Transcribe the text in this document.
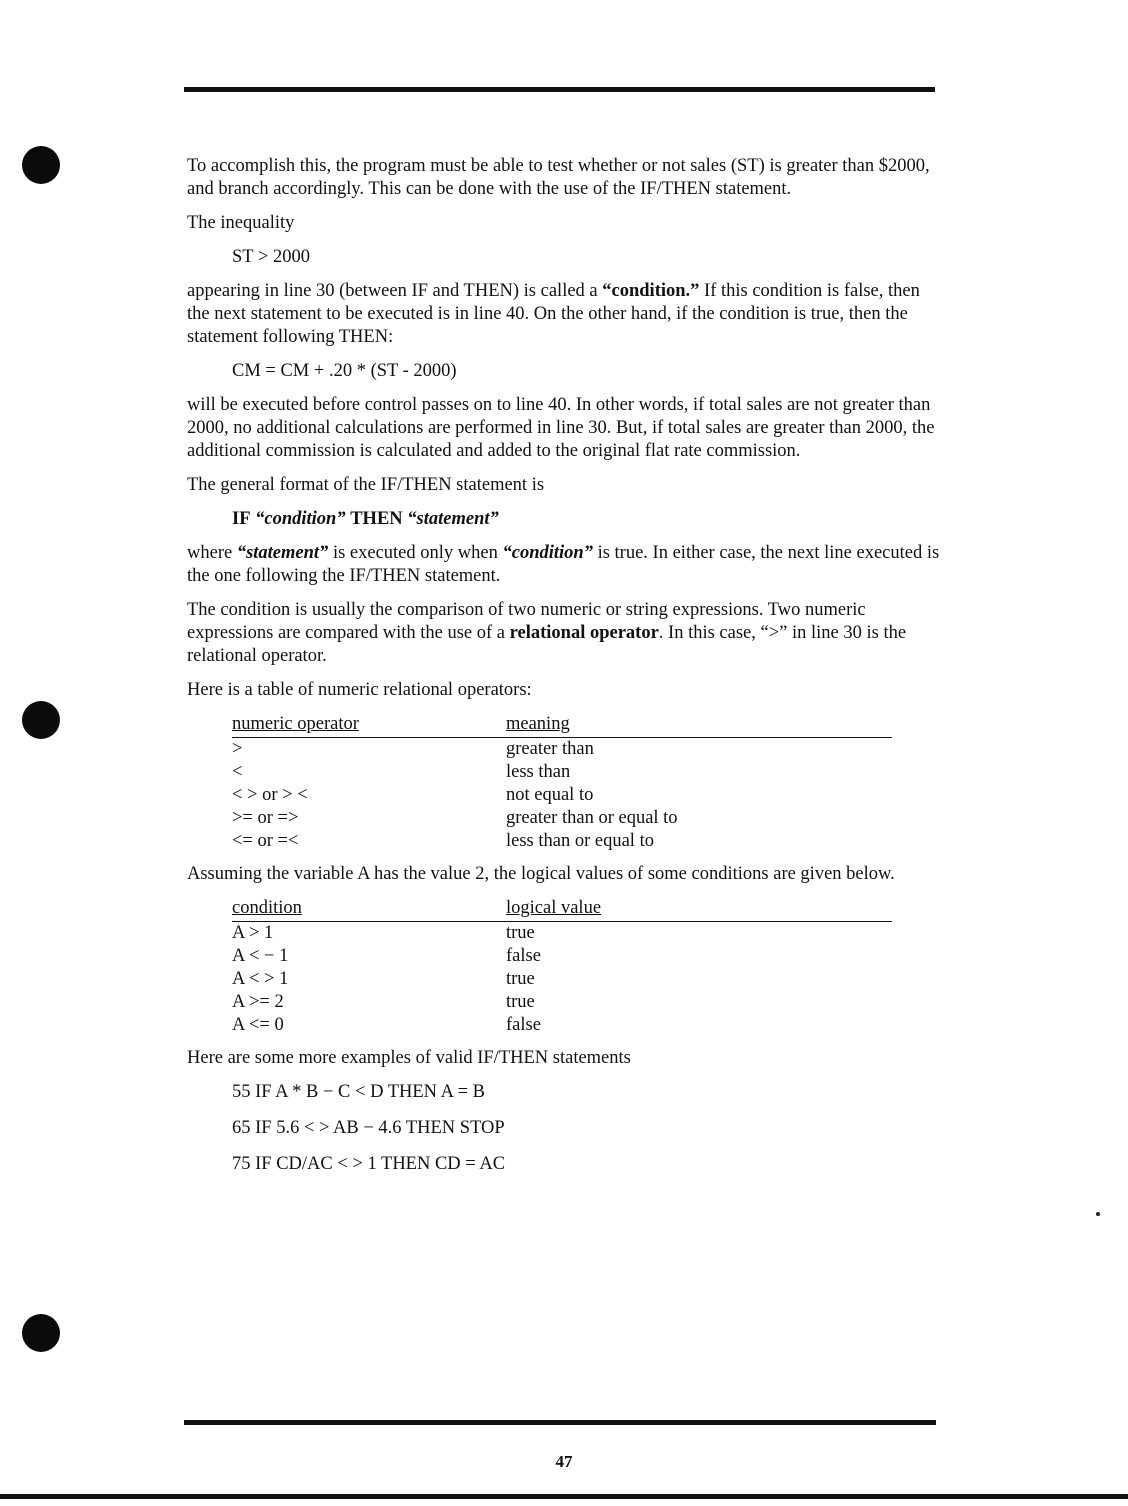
To accomplish this, the program must be able to test whether or not sales (ST) is greater than $2000, and branch accordingly. This can be done with the use of the IF/THEN statement.

The inequality

ST > 2000

appearing in line 30 (between IF and THEN) is called a “condition.” If this condition is false, then the next statement to be executed is in line 40. On the other hand, if the condition is true, then the statement following THEN:

CM = CM + .20 * (ST - 2000)

will be executed before control passes on to line 40. In other words, if total sales are not greater than 2000, no additional calculations are performed in line 30. But, if total sales are greater than 2000, the additional commission is calculated and added to the original flat rate commission.

The general format of the IF/THEN statement is

IF “condition” THEN “statement”

where “statement” is executed only when “condition” is true. In either case, the next line executed is the one following the IF/THEN statement.

The condition is usually the comparison of two numeric or string expressions. Two numeric expressions are compared with the use of a relational operator. In this case, “>” in line 30 is the relational operator.

Here is a table of numeric relational operators:

numeric operator	meaning
>	greater than
<	less than
< > or > <	not equal to
>= or =>	greater than or equal to
<= or =<	less than or equal to

Assuming the variable A has the value 2, the logical values of some conditions are given below.

condition	logical value
A > 1	true
A < − 1	false
A < > 1	true
A >= 2	true
A <= 0	false

Here are some more examples of valid IF/THEN statements

55 IF A * B − C < D THEN A = B

65 IF 5.6 < > AB − 4.6 THEN STOP

75 IF CD/AC < > 1 THEN CD = AC

47
